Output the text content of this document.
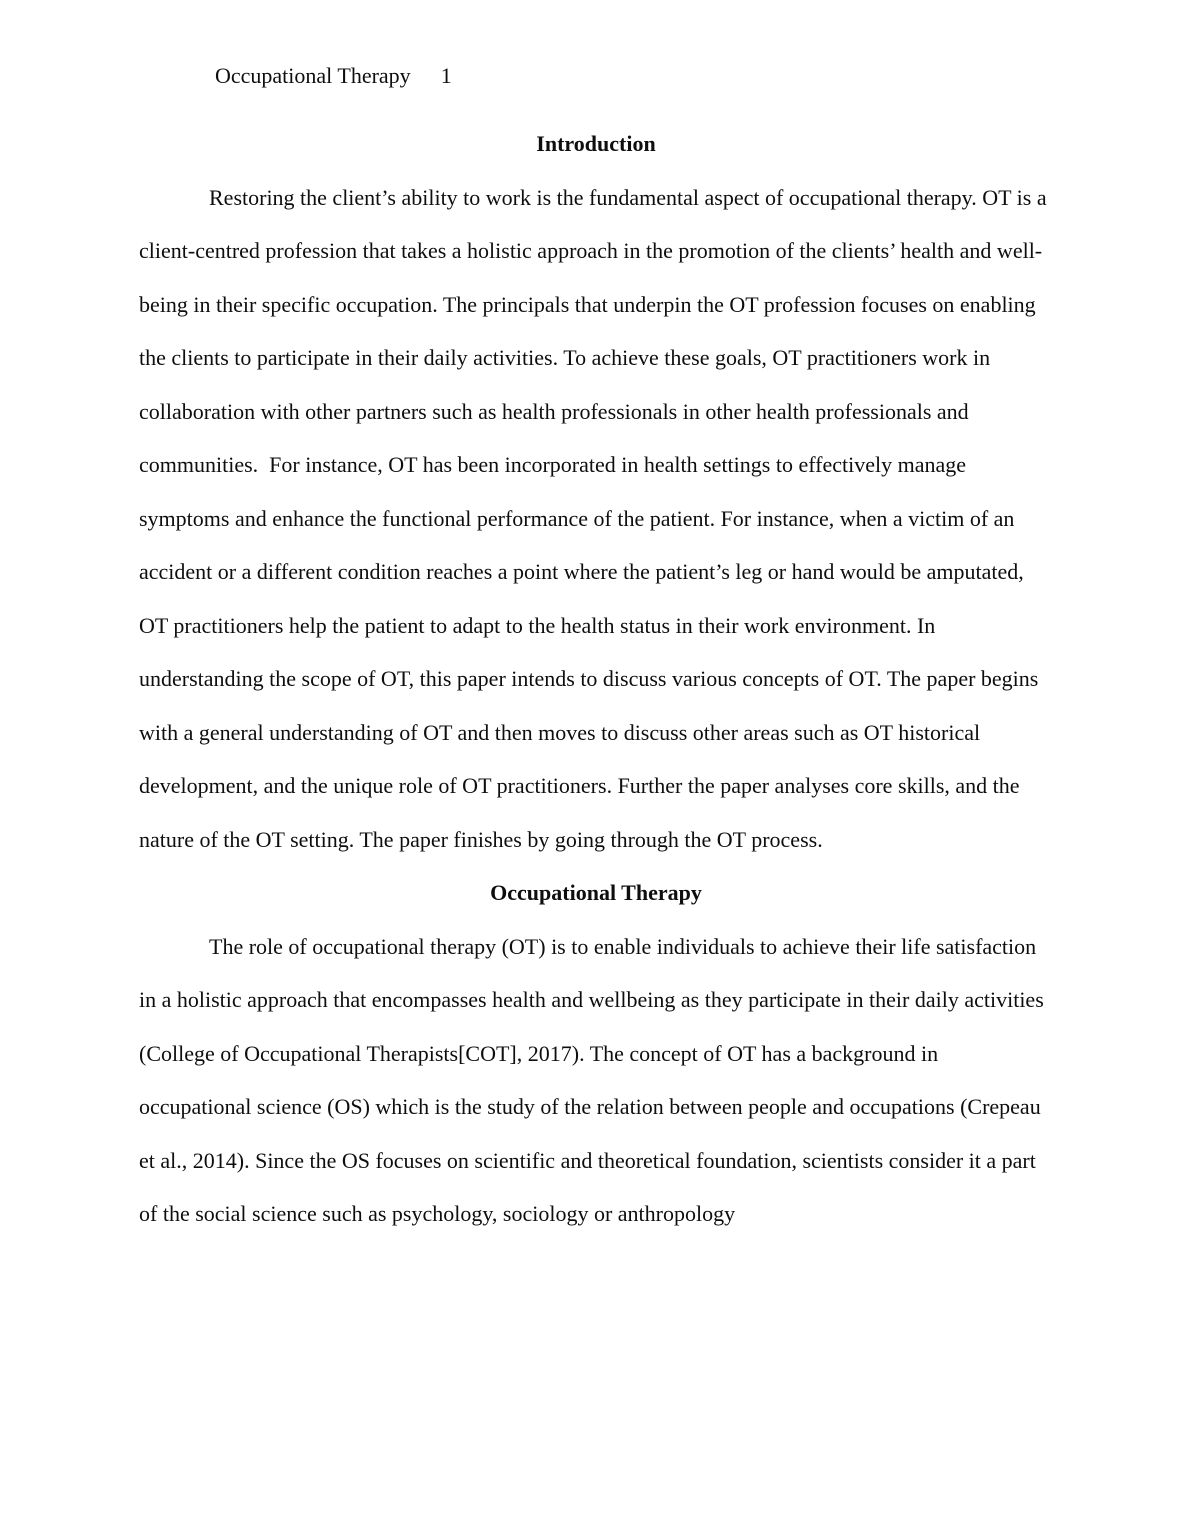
Occupational Therapy 1
Introduction

Restoring the client’s ability to work is the fundamental aspect of occupational therapy. OT is a client-centred profession that takes a holistic approach in the promotion of the clients’ health and well-being in their specific occupation. The principals that underpin the OT profession focuses on enabling the clients to participate in their daily activities. To achieve these goals, OT practitioners work in collaboration with other partners such as health professionals in other health professionals and communities.  For instance, OT has been incorporated in health settings to effectively manage symptoms and enhance the functional performance of the patient. For instance, when a victim of an accident or a different condition reaches a point where the patient’s leg or hand would be amputated, OT practitioners help the patient to adapt to the health status in their work environment. In understanding the scope of OT, this paper intends to discuss various concepts of OT. The paper begins with a general understanding of OT and then moves to discuss other areas such as OT historical development, and the unique role of OT practitioners. Further the paper analyses core skills, and the nature of the OT setting. The paper finishes by going through the OT process.

Occupational Therapy

The role of occupational therapy (OT) is to enable individuals to achieve their life satisfaction in a holistic approach that encompasses health and wellbeing as they participate in their daily activities (College of Occupational Therapists[COT], 2017). The concept of OT has a background in occupational science (OS) which is the study of the relation between people and occupations (Crepeau et al., 2014). Since the OS focuses on scientific and theoretical foundation, scientists consider it a part of the social science such as psychology, sociology or anthropology
